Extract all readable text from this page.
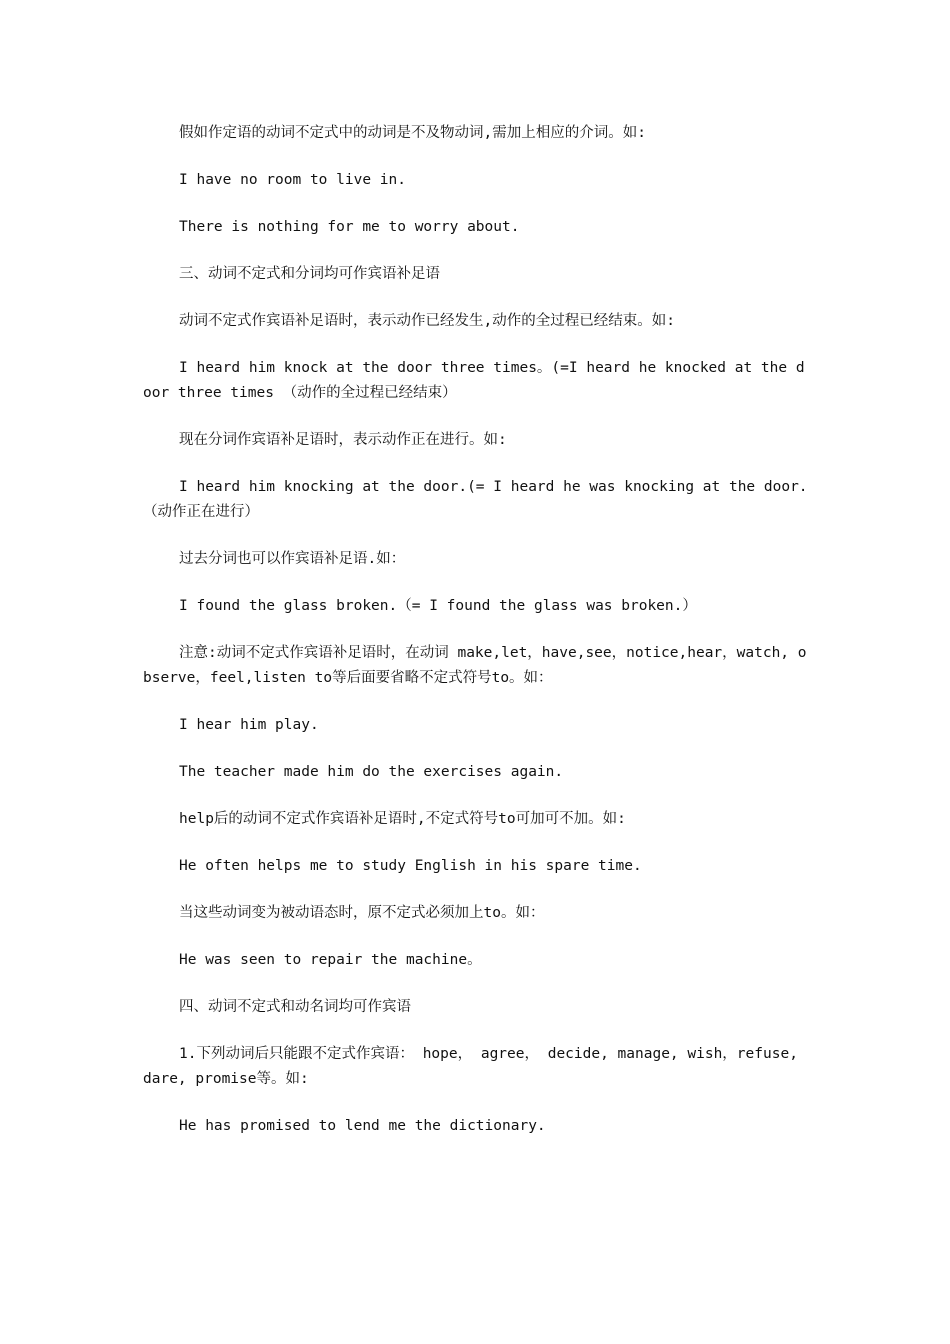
假如作定语的动词不定式中的动词是不及物动词,需加上相应的介词。如:

I have no room to live in.

There is nothing for me to worry about.

三、动词不定式和分词均可作宾语补足语

动词不定式作宾语补足语时，表示动作已经发生,动作的全过程已经结束。如:

I heard him knock at the door three times。(=I heard he knocked at the door three times （动作的全过程已经结束）

现在分词作宾语补足语时，表示动作正在进行。如:

I heard him knocking at the door.(= I heard he was knocking at the door.（动作正在进行）

过去分词也可以作宾语补足语.如：

I found the glass broken.（= I found the glass was broken.）

注意:动词不定式作宾语补足语时，在动词 make,let，have,see，notice,hear，watch, observe，feel,listen to等后面要省略不定式符号to。如：

I hear him play.

The teacher made him do the exercises again.

help后的动词不定式作宾语补足语时,不定式符号to可加可不加。如:

He often helps me to study English in his spare time.

当这些动词变为被动语态时，原不定式必须加上to。如：

He was seen to repair the machine。

四、动词不定式和动名词均可作宾语

1.下列动词后只能跟不定式作宾语： hope， agree， decide, manage, wish，refuse, dare, promise等。如:

He has promised to lend me the dictionary.
